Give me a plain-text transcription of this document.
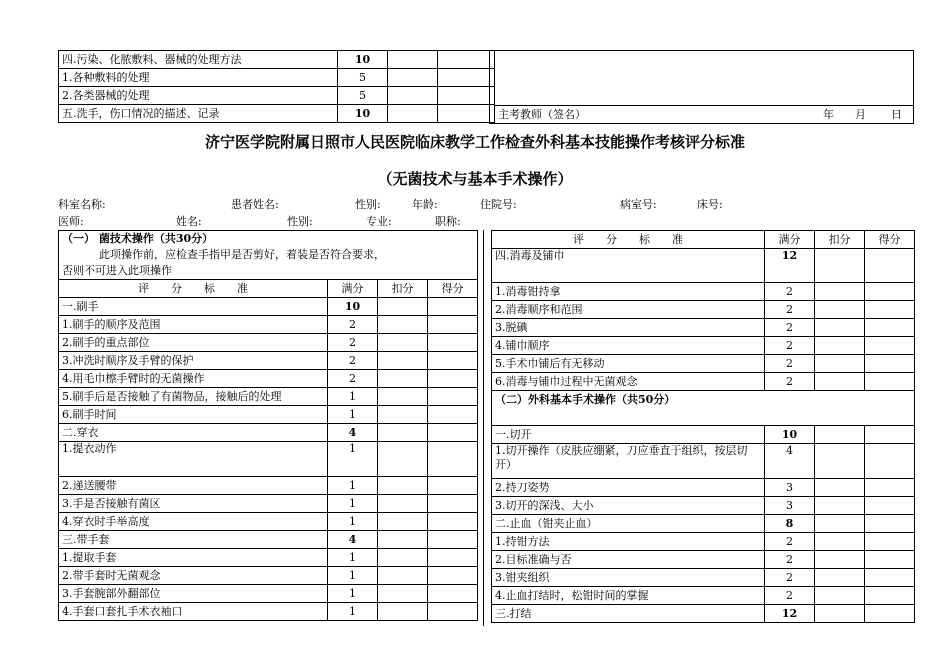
四.污染、化脓敷料、器械的处理方法	10		
1.各种敷料的处理	5		
2.各类器械的处理	5		
五.洗手，伤口情况的描述、记录	10		
		主考教师（签名）	年 月 日
济宁医学院附属日照市人民医院临床教学工作检查外科基本技能操作考核评分标准
（无菌技术与基本手术操作）
科室名称:	患者姓名:	性别:	年龄:	住院号:	病室号:	床号:
医师:	姓名:	性别:	专业:	职称:
（一） 菌技术操作（共30分）			
此项操作前，应检查手指甲是否剪好，着装是否符合要求，			
否则不可进入此项操作			
评　　分　　标　　准	满分	扣分	得分
一.刷手	10		
1.刷手的顺序及范围	2		
2.刷手的重点部位	2		
3.冲洗时顺序及手臂的保护	2		
4.用毛巾檫手臂时的无菌操作	2		
5.刷手后是否接触了有菌物品，接触后的处理	1		
6.刷手时间	1		
二.穿衣	4		
1.提衣动作	1		
2.递送腰带	1		
3.手是否接触有菌区	1		
4.穿衣时手举高度	1		
三.带手套	4		
1.提取手套	1		
2.带手套时无菌观念	1		
3.手套腕部外翻部位	1		
4.手套口套扎手术衣袖口	1		
评　　分　　标　　准	满分	扣分	得分
四.消毒及铺巾	12		
1.消毒钳持拿	2		
2.消毒顺序和范围	2		
3.脱碘	2		
4.铺巾顺序	2		
5.手术巾铺后有无移动	2		
6.消毒与铺巾过程中无菌观念	2		
（二）外科基本手术操作（共50分）			
一.切开	10		
1.切开操作（皮肤应绷紧，刀应垂直于组织，按层切
开）	4		
2.持刀姿势	3		
3.切开的深浅、大小	3		
二.止血（钳夹止血）	8		
1.持钳方法	2		
2.目标准确与否	2		
3.钳夹组织	2		
4.止血打结时，松钳时间的掌握	2		
三.打结	12		
